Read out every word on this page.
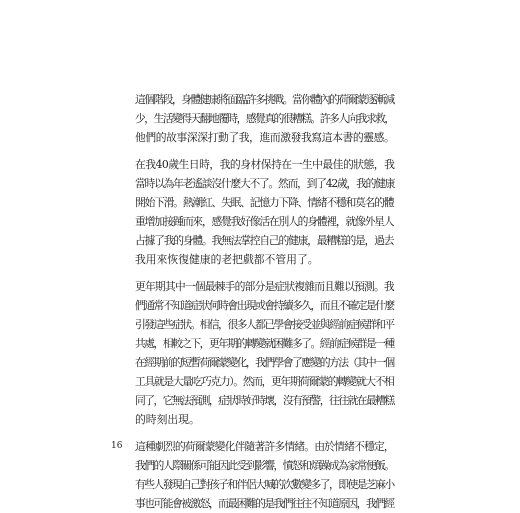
這個階段，身體健康將面臨許多挑戰。當你體內的荷爾蒙逐漸減
少，生活變得天翻地覆時，感覺真的很糟糕。許多人向我求救，
他們的故事深深打動了我，進而激發我寫這本書的靈感。
在我40歲生日時，我的身材保持在一生中最佳的狀態，我
當時以為年老遙談沒什麼大不了。然而，到了42歲，我的健康
開始下滑。熱潮紅、失眠、記憶力下降、情緒不穩和莫名的體
重增加接踵而來，感覺我好像活在別人的身體裡，就像外星人
占據了我的身體。我無法掌控自己的健康，最糟糕的是，過去
我用來恢復健康的老把戲都不管用了。
更年期其中一個最棘手的部分是症狀複雜而且難以預測。我
們通常不知道症狀何時會出現或會持續多久，而且不確定是什麼
引發這些症狀。相信，很多人都已學會接受並與經前症候群和平
共處，相較之下，更年期的轉變就困難多了。經前症候群是一種
在經期前的短暫荷爾蒙變化，我們學會了應變的方法（其中一個
工具就是大量吃巧克力）。然而，更年期荷爾蒙的轉變就大不相
同了，它無法預測，症狀時好時壞，沒有預警，往往就在最糟糕
的時刻出現。
這種劇烈的荷爾蒙變化伴隨著許多情緒。由於情緒不穩定，
我們的人際關係可能因此受到影響，憤怒和煩躁成為家常便飯。
有些人發現自己對孩子和伴侶大喊的次數變多了，即使是芝麻小
事也可能會被激怒，而最困難的是我們往往不知道原因，我們經
16
